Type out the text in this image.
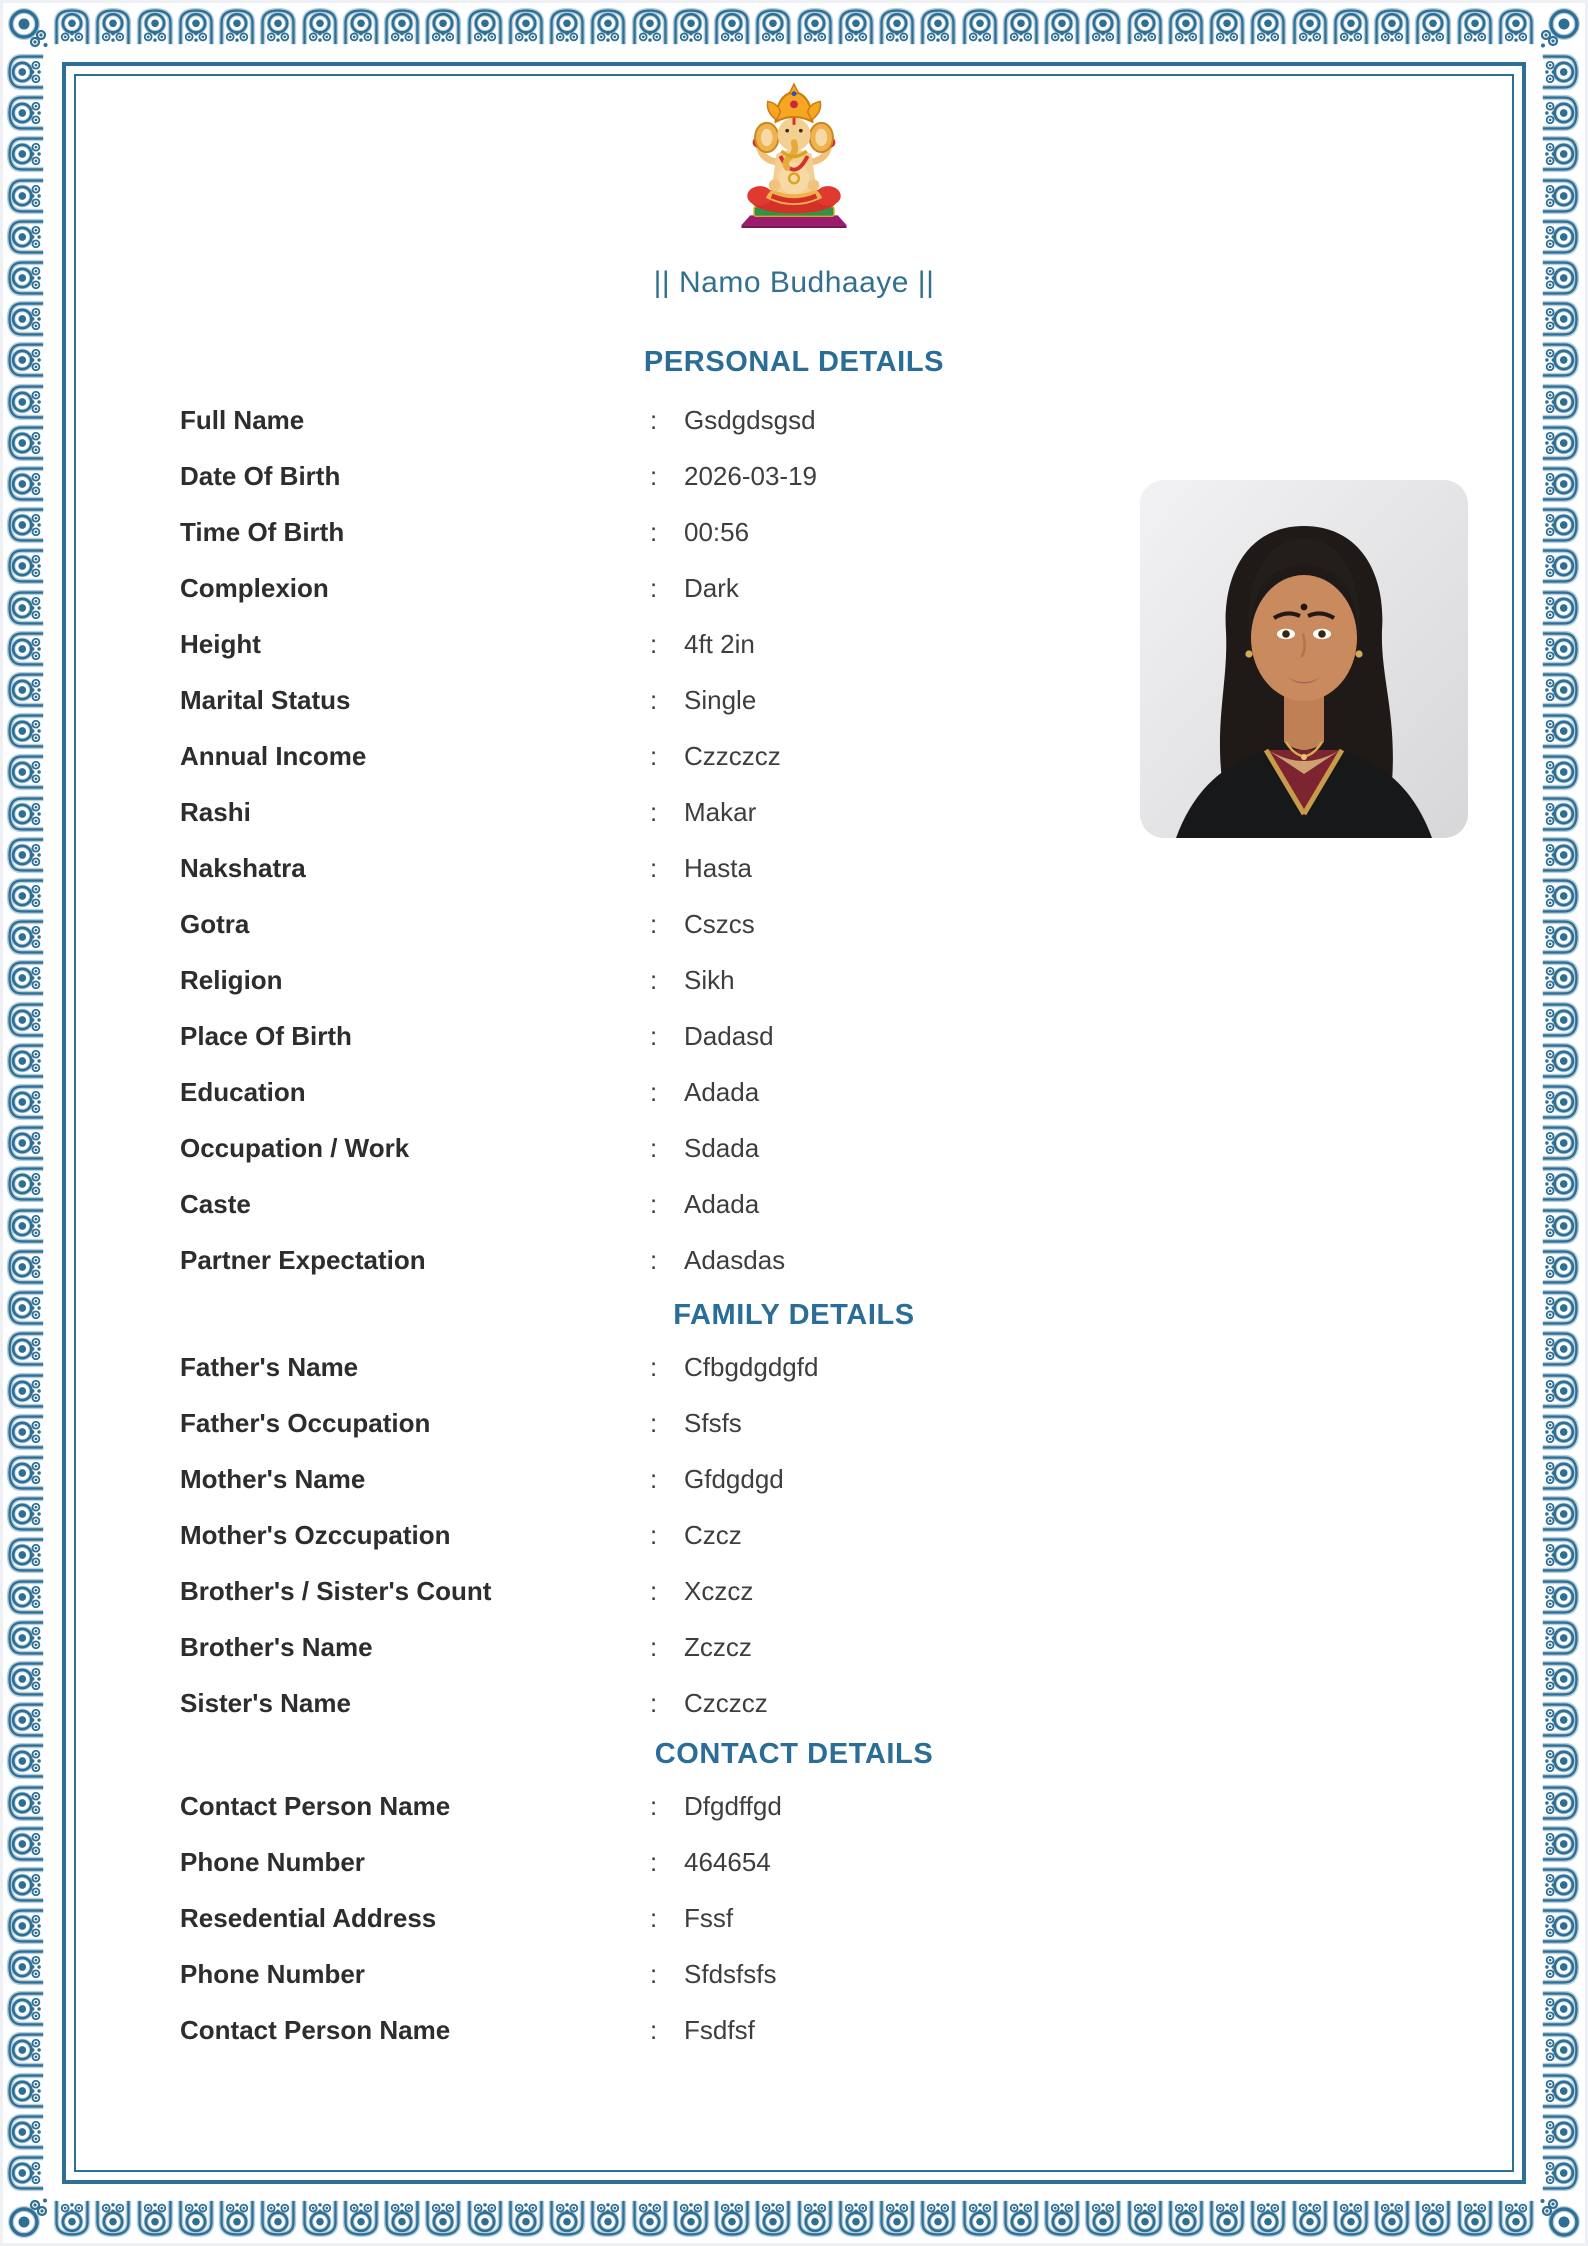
|| Namo Budhaaye ||
PERSONAL DETAILS
Full Name	:	Gsdgdsgsd
Date Of Birth	:	2026-03-19
Time Of Birth	:	00:56
Complexion	:	Dark
Height	:	4ft 2in
Marital Status	:	Single
Annual Income	:	Czzczcz
Rashi	:	Makar
Nakshatra	:	Hasta
Gotra	:	Cszcs
Religion	:	Sikh
Place Of Birth	:	Dadasd
Education	:	Adada
Occupation / Work	:	Sdada
Caste	:	Adada
Partner Expectation	:	Adasdas
FAMILY DETAILS
Father's Name	:	Cfbgdgdgfd
Father's Occupation	:	Sfsfs
Mother's Name	:	Gfdgdgd
Mother's Ozccupation	:	Czcz
Brother's / Sister's Count	:	Xczcz
Brother's Name	:	Zczcz
Sister's Name	:	Czczcz
CONTACT DETAILS
Contact Person Name	:	Dfgdffgd
Phone Number	:	464654
Resedential Address	:	Fssf
Phone Number	:	Sfdsfsfs
Contact Person Name	:	Fsdfsf
